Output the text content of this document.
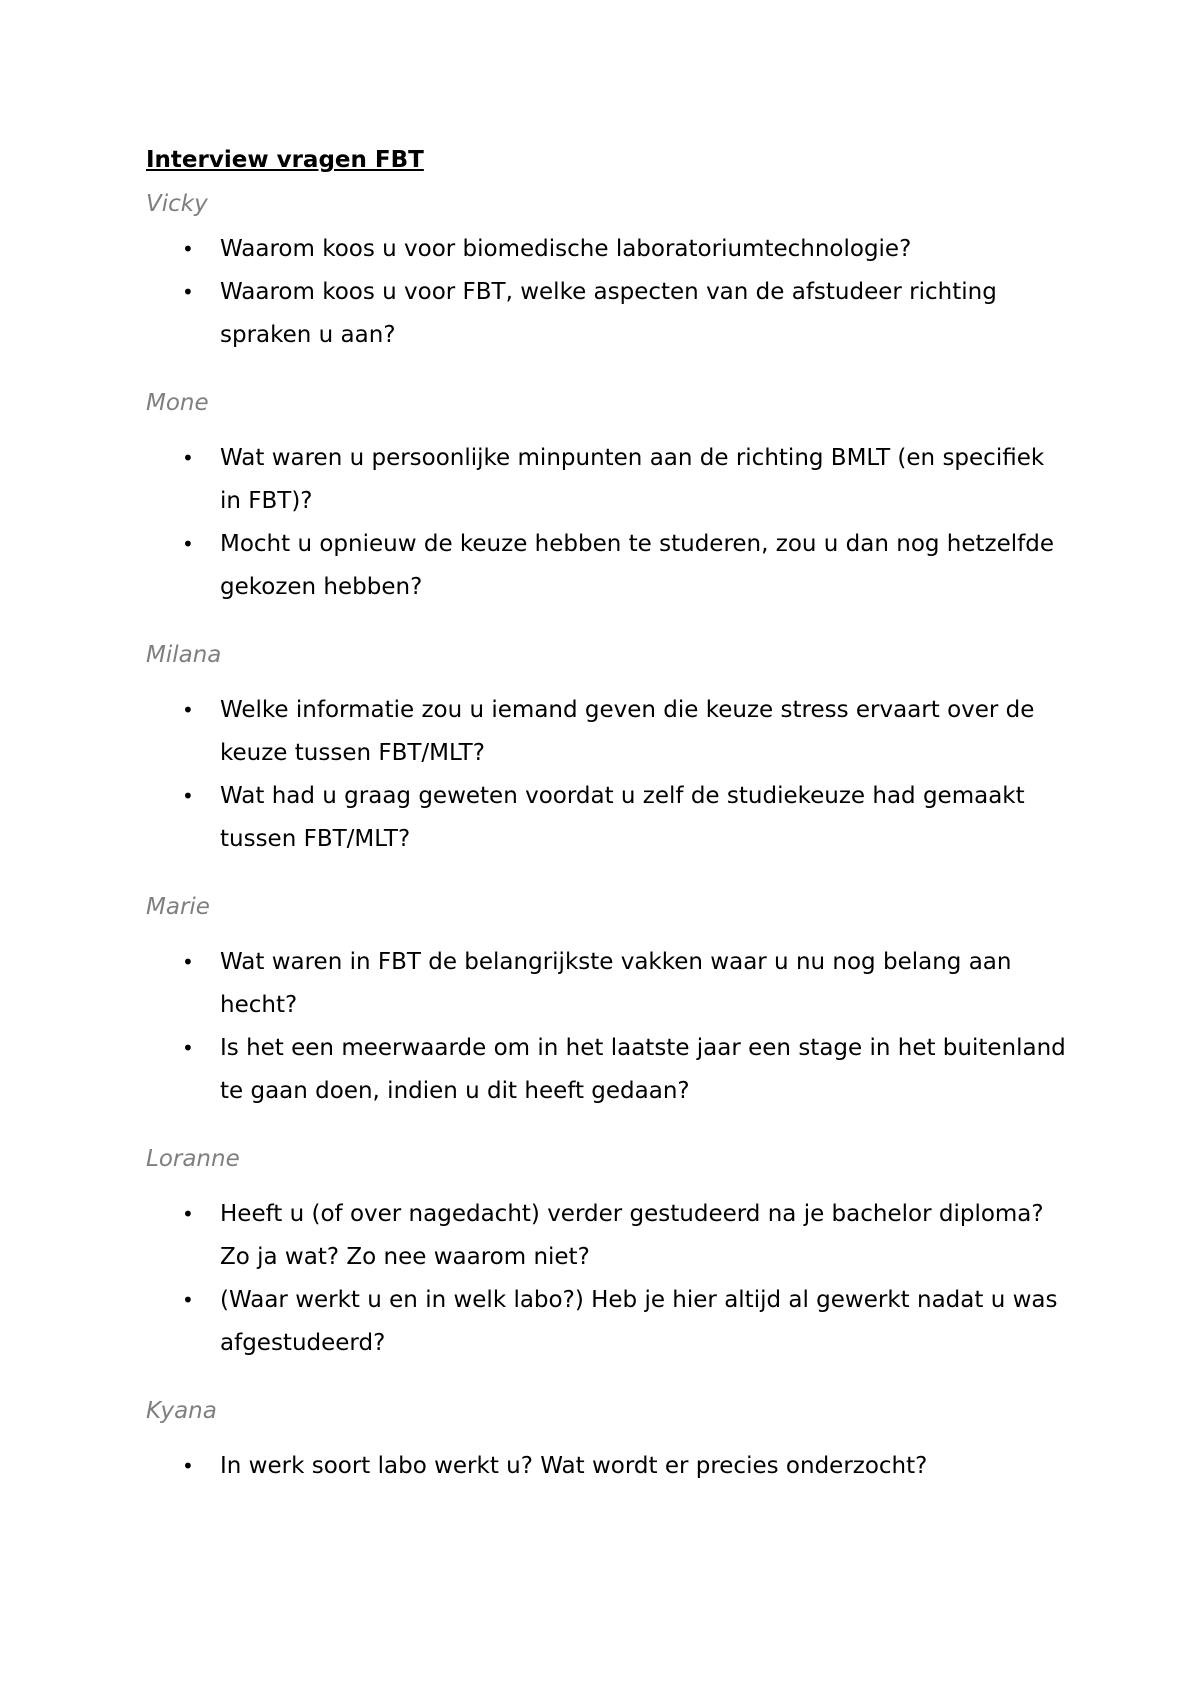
Interview vragen FBT
Vicky
• Waarom koos u voor biomedische laboratoriumtechnologie?
• Waarom koos u voor FBT, welke aspecten van de afstudeer richting spraken u aan?
Mone
• Wat waren u persoonlijke minpunten aan de richting BMLT (en specifiek in FBT)?
• Mocht u opnieuw de keuze hebben te studeren, zou u dan nog hetzelfde gekozen hebben?
Milana
• Welke informatie zou u iemand geven die keuze stress ervaart over de keuze tussen FBT/MLT?
• Wat had u graag geweten voordat u zelf de studiekeuze had gemaakt tussen FBT/MLT?
Marie
• Wat waren in FBT de belangrijkste vakken waar u nu nog belang aan hecht?
• Is het een meerwaarde om in het laatste jaar een stage in het buitenland te gaan doen, indien u dit heeft gedaan?
Loranne
• Heeft u (of over nagedacht) verder gestudeerd na je bachelor diploma? Zo ja wat? Zo nee waarom niet?
• (Waar werkt u en in welk labo?) Heb je hier altijd al gewerkt nadat u was afgestudeerd?
Kyana
• In werk soort labo werkt u? Wat wordt er precies onderzocht?
